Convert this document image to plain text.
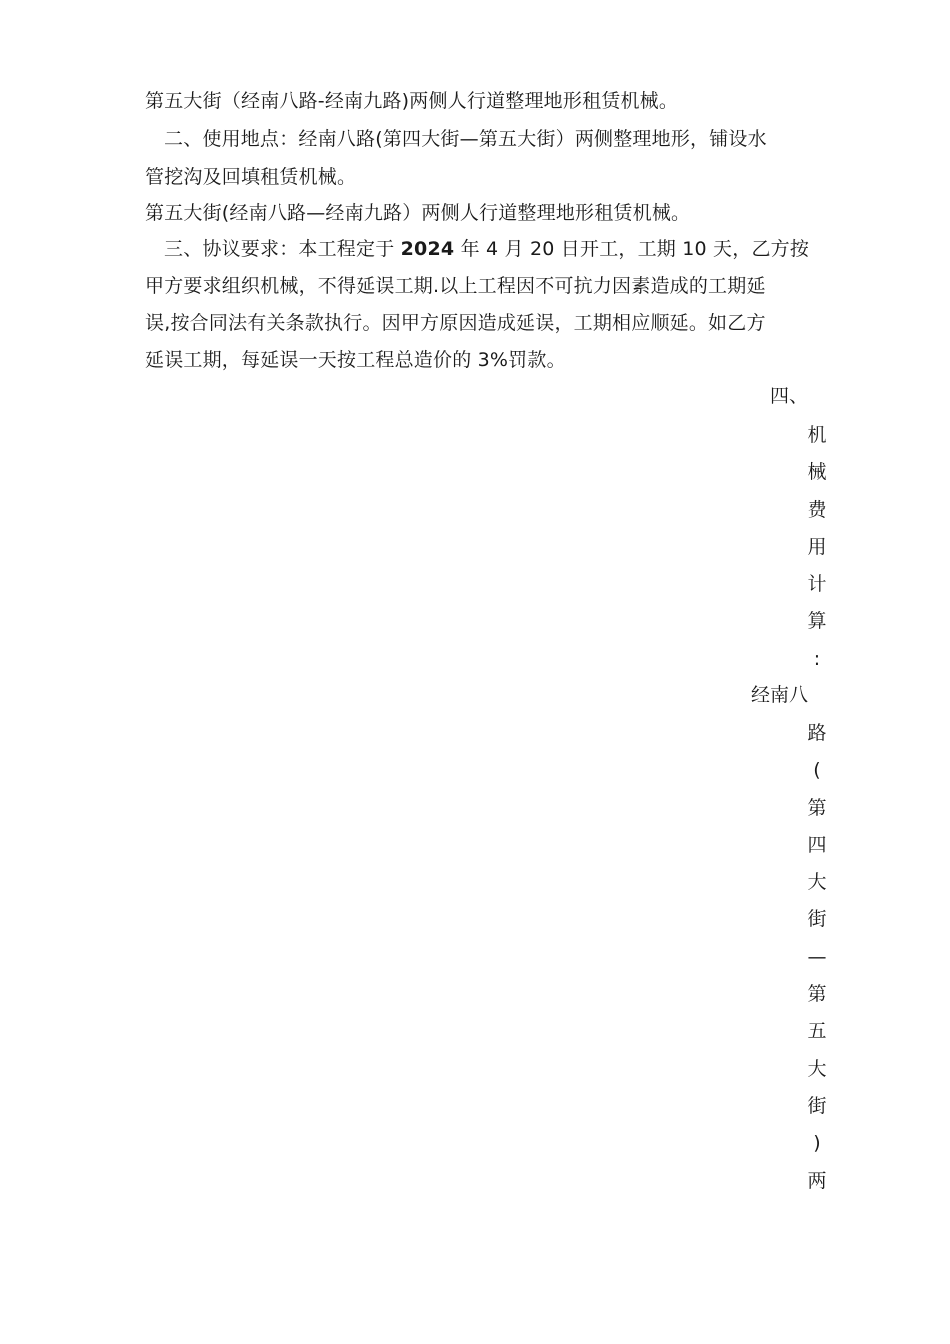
第五大街（经南八路-经南九路)两侧人行道整理地形租赁机械。
二、使用地点：经南八路(第四大街—第五大街）两侧整理地形，铺设水
管挖沟及回填租赁机械。
第五大街(经南八路—经南九路）两侧人行道整理地形租赁机械。
三、协议要求：本工程定于 2024 年 4 月 20 日开工，工期 10 天，乙方按
甲方要求组织机械，不得延误工期.以上工程因不可抗力因素造成的工期延
误,按合同法有关条款执行。因甲方原因造成延误，工期相应顺延。如乙方
延误工期，每延误一天按工程总造价的 3%罚款。
四、
机
械
费
用
计
算
:
经南八
路
(
第
四
大
街
—
第
五
大
街
)
两
